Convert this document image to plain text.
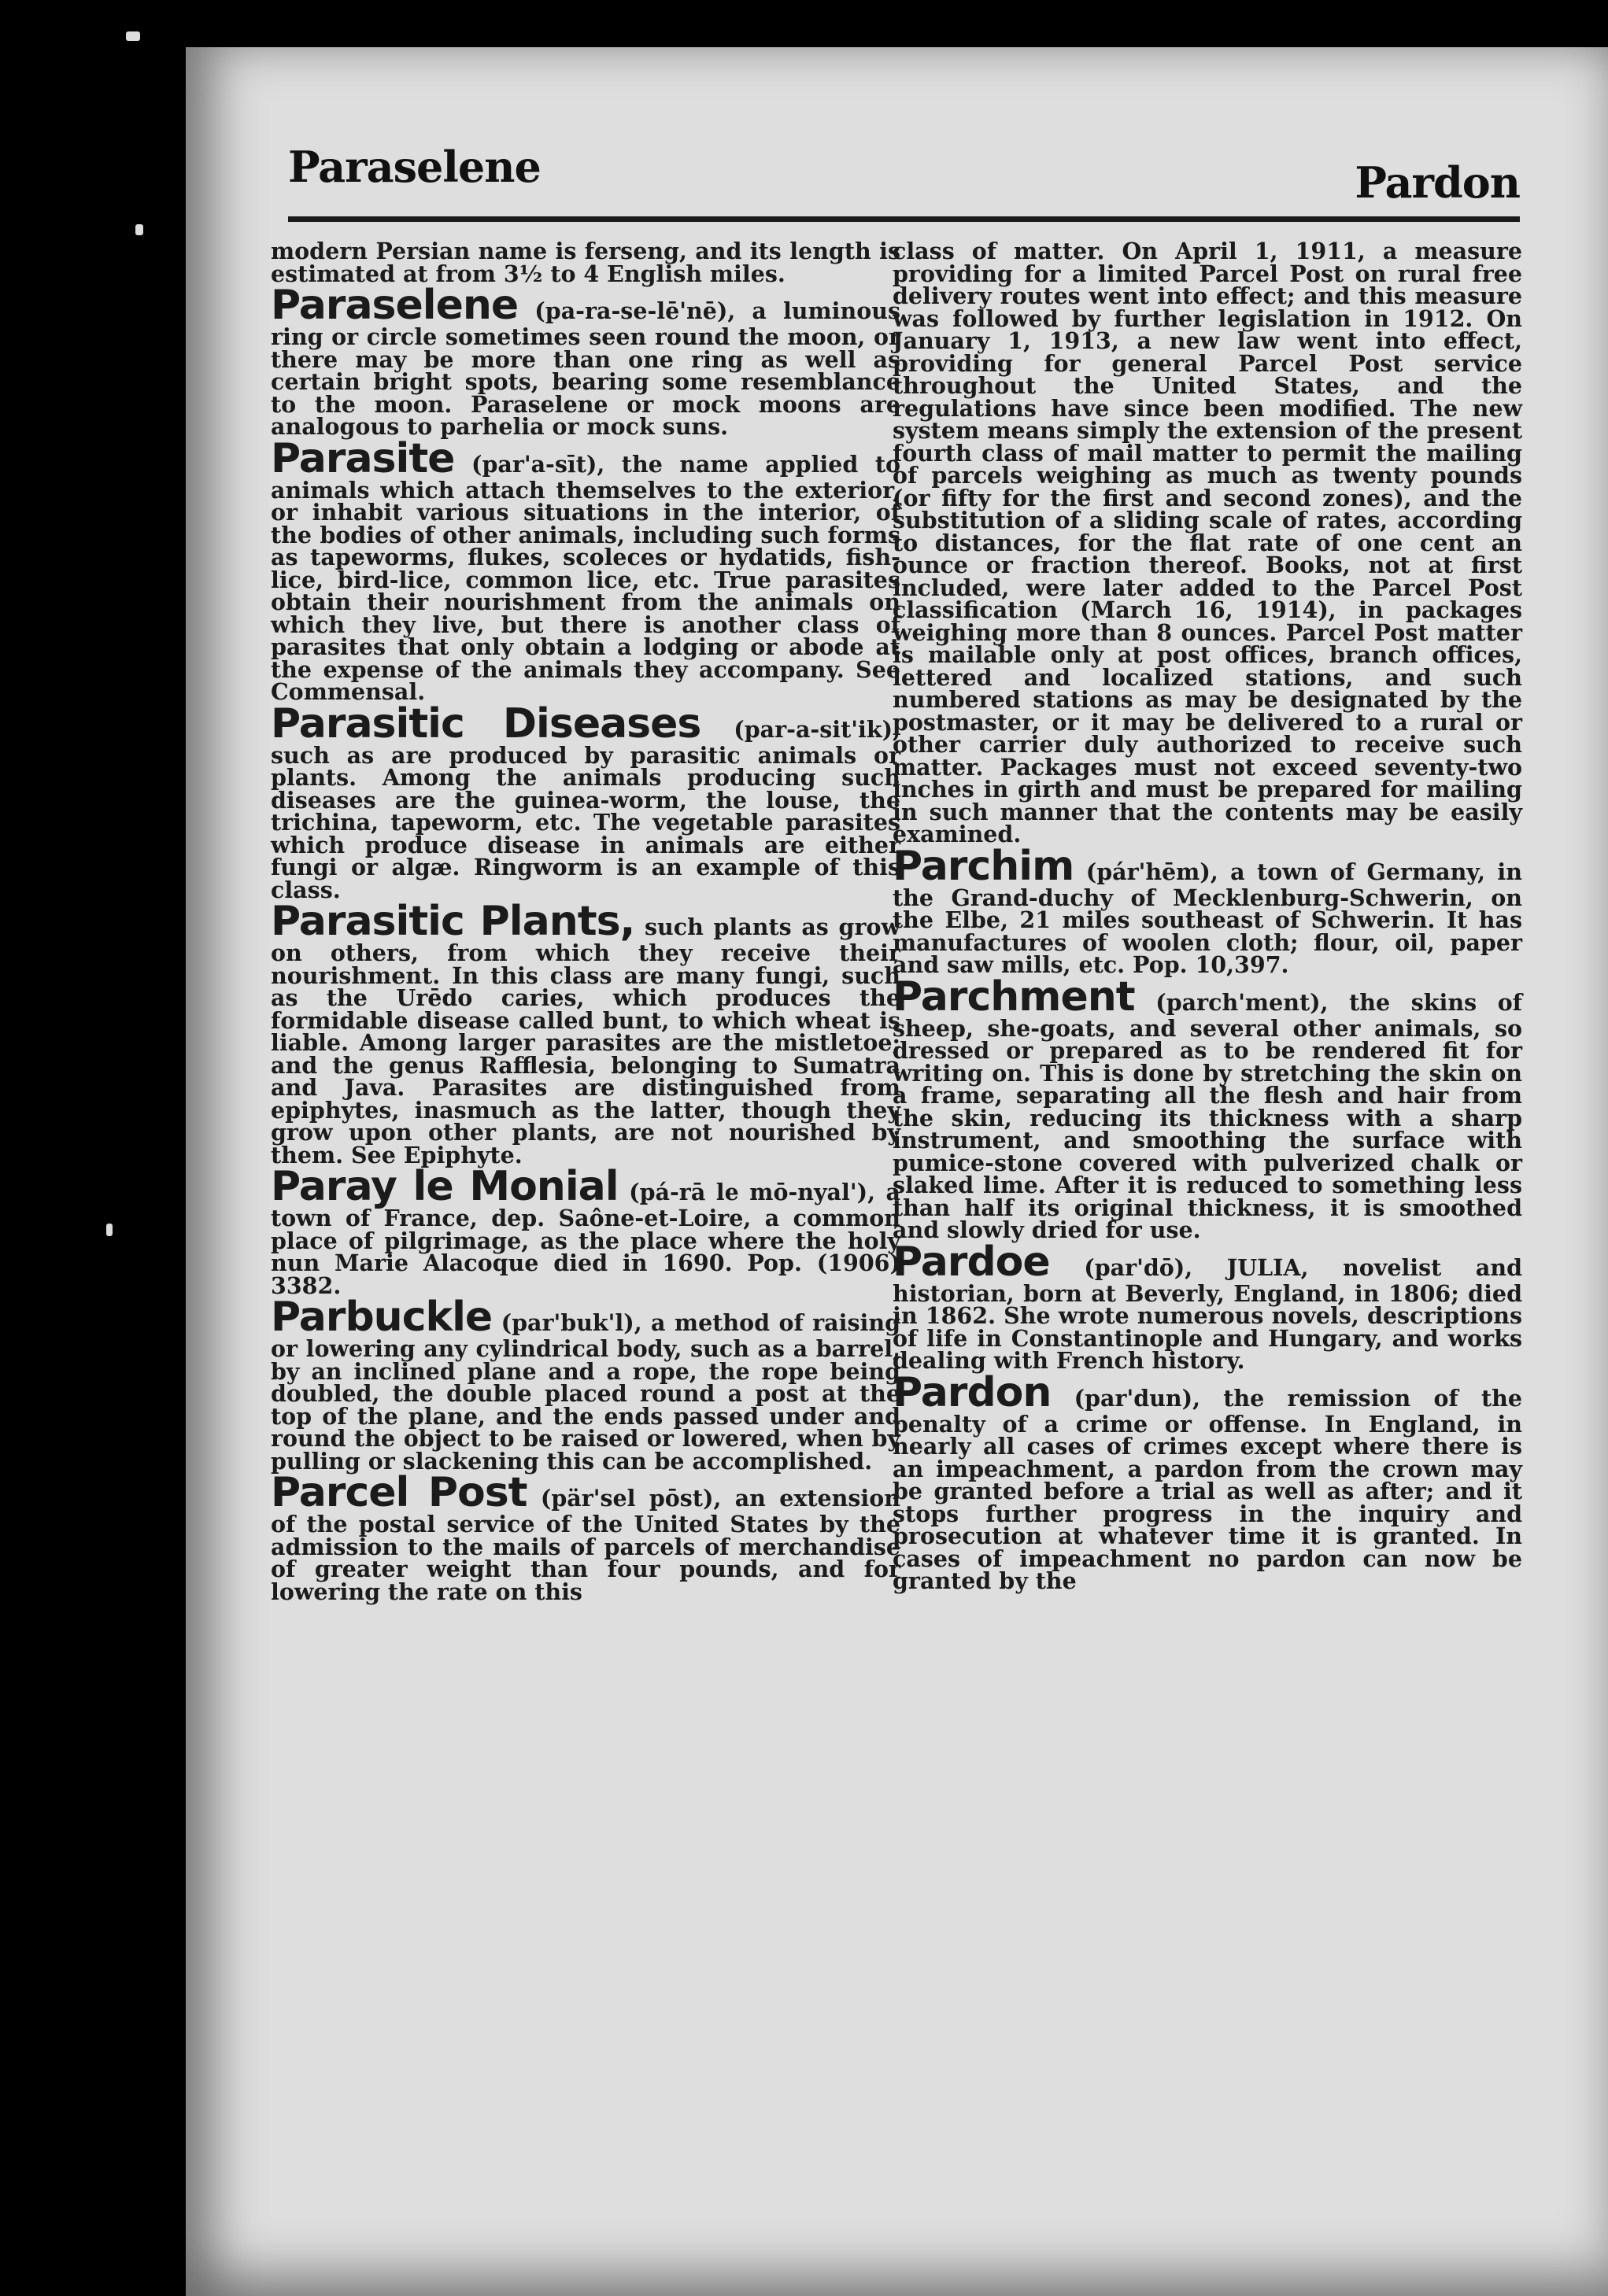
Paraselene	Pardon

modern Persian name is ferseng, and its length is estimated at from 3½ to 4 English miles.

Paraselene (pa-ra-se-lē'nē), a luminous ring or circle sometimes seen round the moon, or there may be more than one ring as well as certain bright spots, bearing some resemblance to the moon. Paraselene or mock moons are analogous to parhelia or mock suns.

Parasite (par'a-sīt), the name applied to animals which attach themselves to the exterior, or inhabit various situations in the interior, of the bodies of other animals, including such forms as tapeworms, flukes, scoleces or hydatids, fish-lice, bird-lice, common lice, etc. True parasites obtain their nourishment from the animals on which they live, but there is another class of parasites that only obtain a lodging or abode at the expense of the animals they accompany. See Commensal.

Parasitic Diseases (par-a-sit'ik), such as are produced by parasitic animals or plants. Among the animals producing such diseases are the guinea-worm, the louse, the trichina, tapeworm, etc. The vegetable parasites which produce disease in animals are either fungi or algæ. Ringworm is an example of this class.

Parasitic Plants, such plants as grow on others, from which they receive their nourishment. In this class are many fungi, such as the Urēdo caries, which produces the formidable disease called bunt, to which wheat is liable. Among larger parasites are the mistletoe; and the genus Rafflesia, belonging to Sumatra and Java. Parasites are distinguished from epiphytes, inasmuch as the latter, though they grow upon other plants, are not nourished by them. See Epiphyte.

Paray le Monial (pá-rā le mō-nyal'), a town of France, dep. Saône-et-Loire, a common place of pilgrimage, as the place where the holy nun Marie Alacoque died in 1690. Pop. (1906) 3382.

Parbuckle (par'buk'l), a method of raising or lowering any cylindrical body, such as a barrel, by an inclined plane and a rope, the rope being doubled, the double placed round a post at the top of the plane, and the ends passed under and round the object to be raised or lowered, when by pulling or slackening this can be accomplished.

Parcel Post (pär'sel pōst), an extension of the postal service of the United States by the admission to the mails of parcels of merchandise of greater weight than four pounds, and for lowering the rate on this

class of matter. On April 1, 1911, a measure providing for a limited Parcel Post on rural free delivery routes went into effect; and this measure was followed by further legislation in 1912. On January 1, 1913, a new law went into effect, providing for general Parcel Post service throughout the United States, and the regulations have since been modified. The new system means simply the extension of the present fourth class of mail matter to permit the mailing of parcels weighing as much as twenty pounds (or fifty for the first and second zones), and the substitution of a sliding scale of rates, according to distances, for the flat rate of one cent an ounce or fraction thereof. Books, not at first included, were later added to the Parcel Post classification (March 16, 1914), in packages weighing more than 8 ounces. Parcel Post matter is mailable only at post offices, branch offices, lettered and localized stations, and such numbered stations as may be designated by the postmaster, or it may be delivered to a rural or other carrier duly authorized to receive such matter. Packages must not exceed seventy-two inches in girth and must be prepared for mailing in such manner that the contents may be easily examined.

Parchim (pár'hēm), a town of Germany, in the Grand-duchy of Mecklenburg-Schwerin, on the Elbe, 21 miles southeast of Schwerin. It has manufactures of woolen cloth; flour, oil, paper and saw mills, etc. Pop. 10,397.

Parchment (parch'ment), the skins of sheep, she-goats, and several other animals, so dressed or prepared as to be rendered fit for writing on. This is done by stretching the skin on a frame, separating all the flesh and hair from the skin, reducing its thickness with a sharp instrument, and smoothing the surface with pumice-stone covered with pulverized chalk or slaked lime. After it is reduced to something less than half its original thickness, it is smoothed and slowly dried for use.

Pardoe (par'dō), JULIA, novelist and historian, born at Beverly, England, in 1806; died in 1862. She wrote numerous novels, descriptions of life in Constantinople and Hungary, and works dealing with French history.

Pardon (par'dun), the remission of the penalty of a crime or offense. In England, in nearly all cases of crimes except where there is an impeachment, a pardon from the crown may be granted before a trial as well as after; and it stops further progress in the inquiry and prosecution at whatever time it is granted. In cases of impeachment no pardon can now be granted by the
